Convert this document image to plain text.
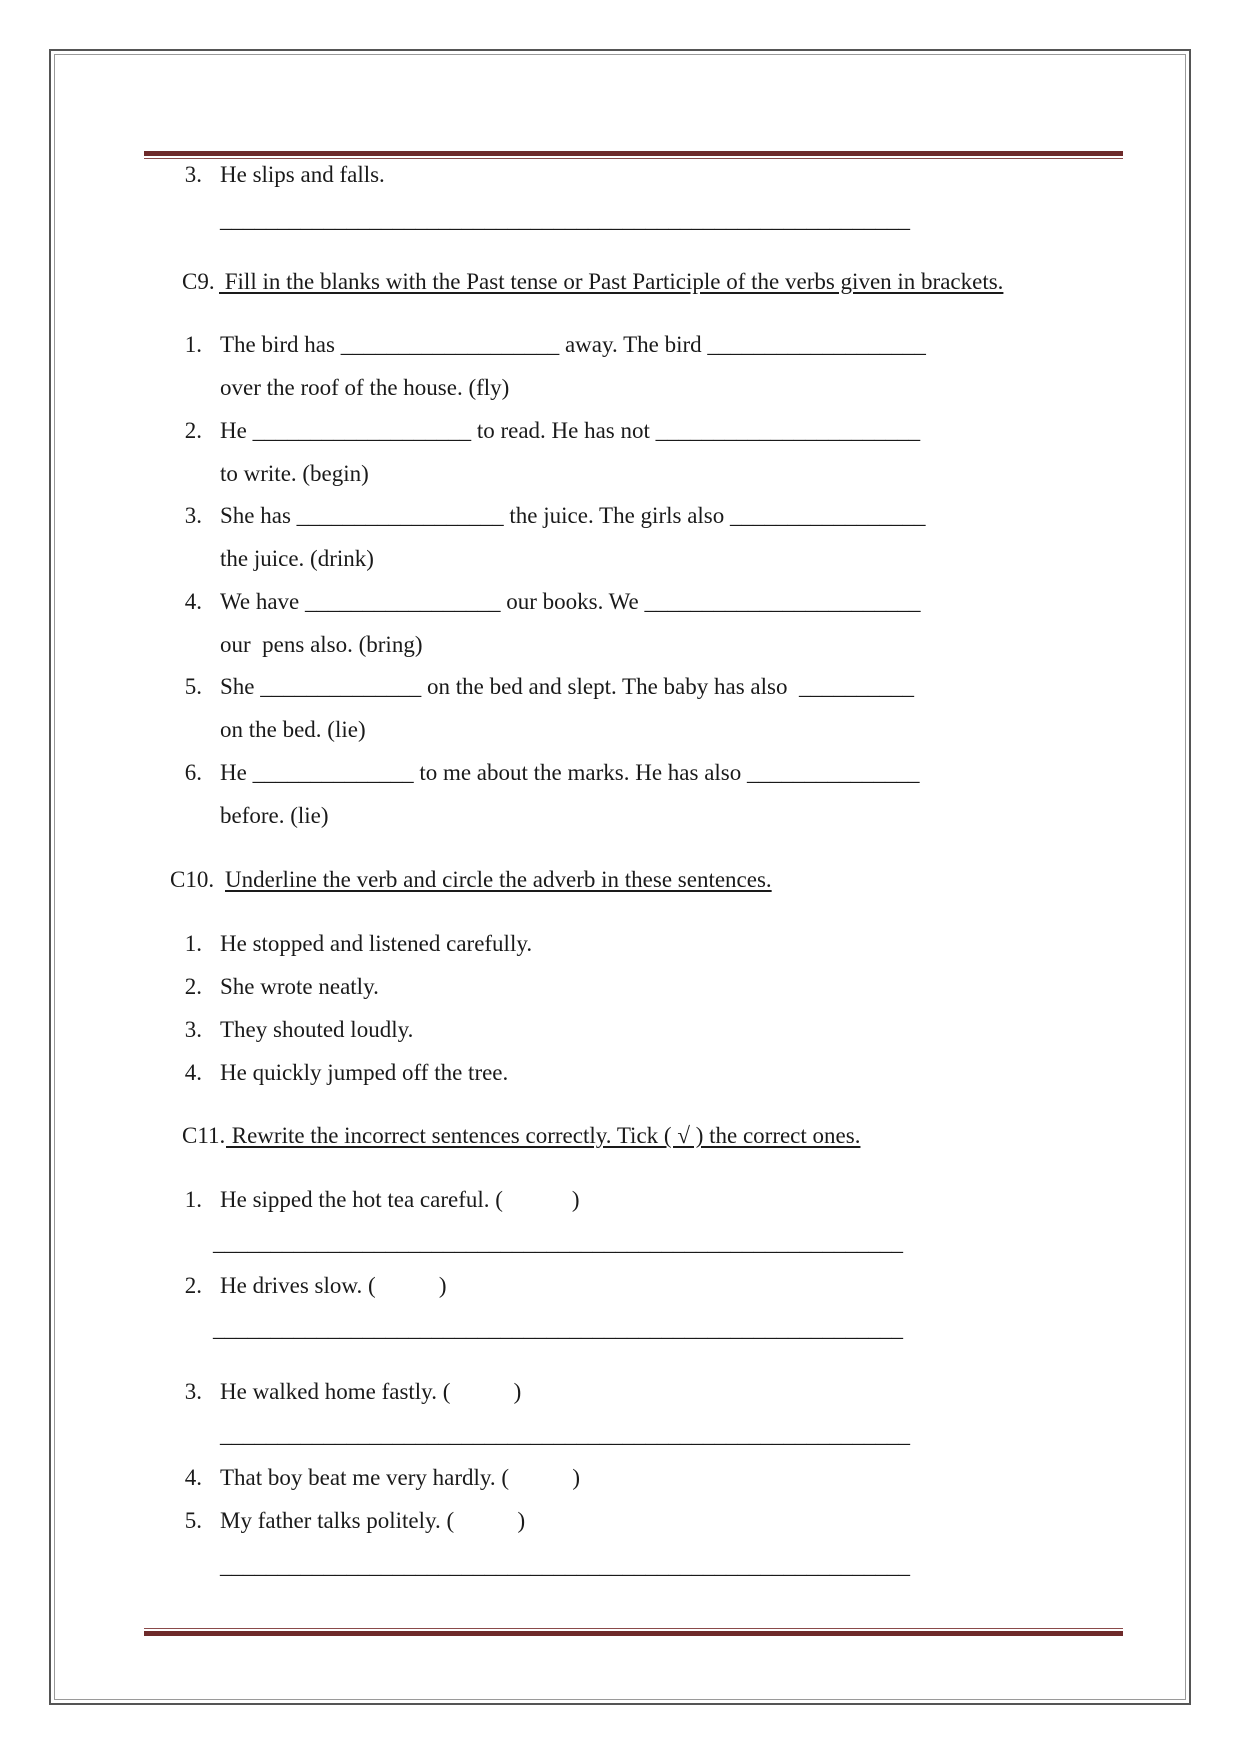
3. He slips and falls.
____________________________________________________________
C9. Fill in the blanks with the Past tense or Past Participle of the verbs given in brackets.
1. The bird has ___________________ away. The bird ___________________
over the roof of the house. (fly)
2. He ___________________ to read. He has not _______________________
to write. (begin)
3. She has __________________ the juice. The girls also _________________
the juice. (drink)
4. We have _________________ our books. We ________________________
our  pens also. (bring)
5. She ______________ on the bed and slept. The baby has also  __________
on the bed. (lie)
6. He ______________ to me about the marks. He has also _______________
before. (lie)
C10. Underline the verb and circle the adverb in these sentences.
1. He stopped and listened carefully.
2. She wrote neatly.
3. They shouted loudly.
4. He quickly jumped off the tree.
C11. Rewrite the incorrect sentences correctly. Tick ( √ ) the correct ones.
1. He sipped the hot tea careful. (            )
____________________________________________________________
2. He drives slow. (           )
____________________________________________________________
3. He walked home fastly. (           )
____________________________________________________________
4. That boy beat me very hardly. (           )
5. My father talks politely. (           )
____________________________________________________________
